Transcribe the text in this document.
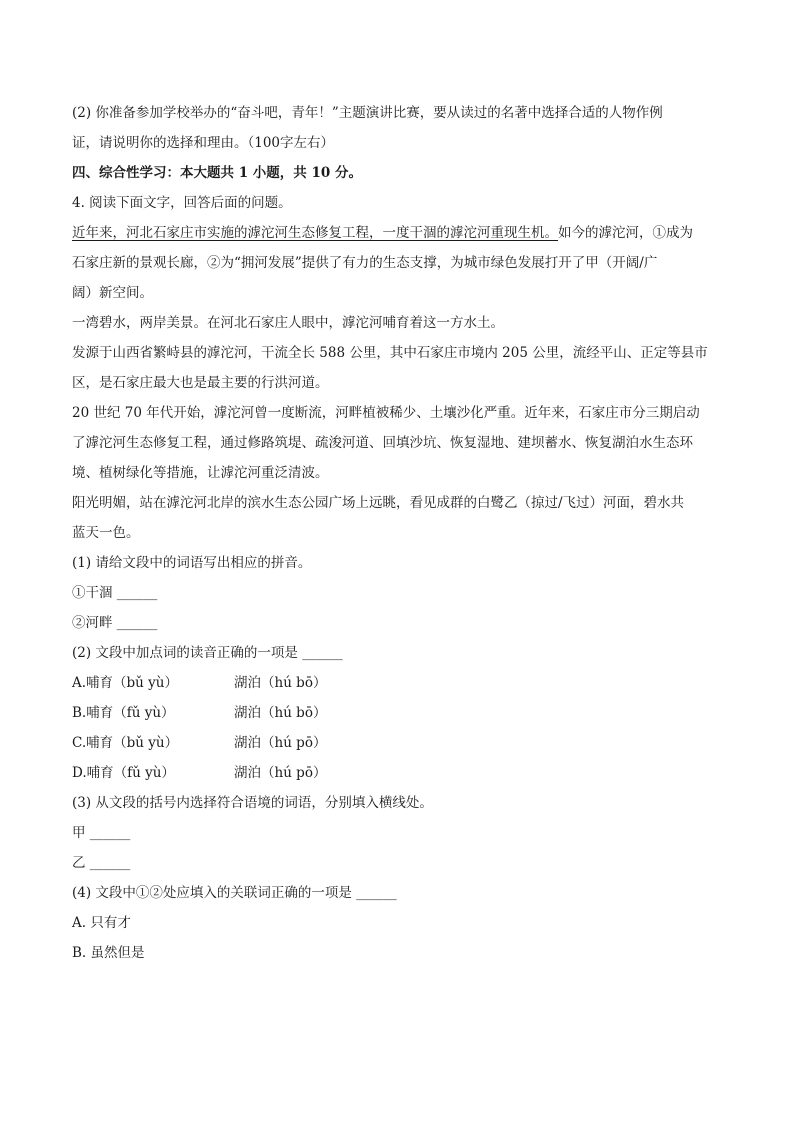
(2) 你准备参加学校举办的“奋斗吧，青年！”主题演讲比赛，要从读过的名著中选择合适的人物作例
证，请说明你的选择和理由。（100字左右）
四、综合性学习：本大题共 1 小题，共 10 分。
4. 阅读下面文字，回答后面的问题。
近年来，河北石家庄市实施的滹沱河生态修复工程，一度干涸的滹沱河重现生机。如今的滹沱河，①成为
石家庄新的景观长廊，②为“拥河发展”提供了有力的生态支撑，为城市绿色发展打开了甲（开阔/广
阔）新空间。
一湾碧水，两岸美景。在河北石家庄人眼中，滹沱河哺育着这一方水土。
发源于山西省繁峙县的滹沱河，干流全长 588 公里，其中石家庄市境内 205 公里，流经平山、正定等县市
区，是石家庄最大也是最主要的行洪河道。
20 世纪 70 年代开始，滹沱河曾一度断流，河畔植被稀少、土壤沙化严重。近年来，石家庄市分三期启动
了滹沱河生态修复工程，通过修路筑堤、疏浚河道、回填沙坑、恢复湿地、建坝蓄水、恢复湖泊水生态环
境、植树绿化等措施，让滹沱河重泛清波。
阳光明媚，站在滹沱河北岸的滨水生态公园广场上远眺，看见成群的白鹭乙（掠过/飞过）河面，碧水共
蓝天一色。
(1) 请给文段中的词语写出相应的拼音。
①干涸 ______
②河畔 ______
(2) 文段中加点词的读音正确的一项是 ______
A.哺育（bǔ yù）	湖泊（hú bō）
B.哺育（fǔ yù）	湖泊（hú bō）
C.哺育（bǔ yù）	湖泊（hú pō）
D.哺育（fǔ yù）	湖泊（hú pō）
(3) 从文段的括号内选择符合语境的词语，分别填入横线处。
甲 ______
乙 ______
(4) 文段中①②处应填入的关联词正确的一项是 ______
A. 只有才
B. 虽然但是
